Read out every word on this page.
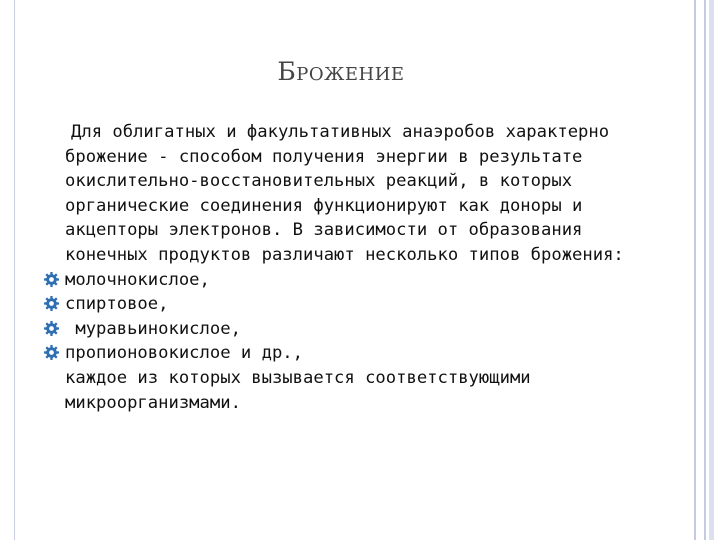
Брожение

Для облигатных и факультативных анаэробов характерно брожение - способом получения энергии в результате окислительно-восстановительных реакций, в которых органические соединения функционируют как доноры и акцепторы электронов. В зависимости от образования конечных продуктов различают несколько типов брожения:

молочнокислое,
спиртовое,
муравьинокислое,
пропионовокислое и др.,

каждое из которых вызывается соответствующими микроорганизмами.
